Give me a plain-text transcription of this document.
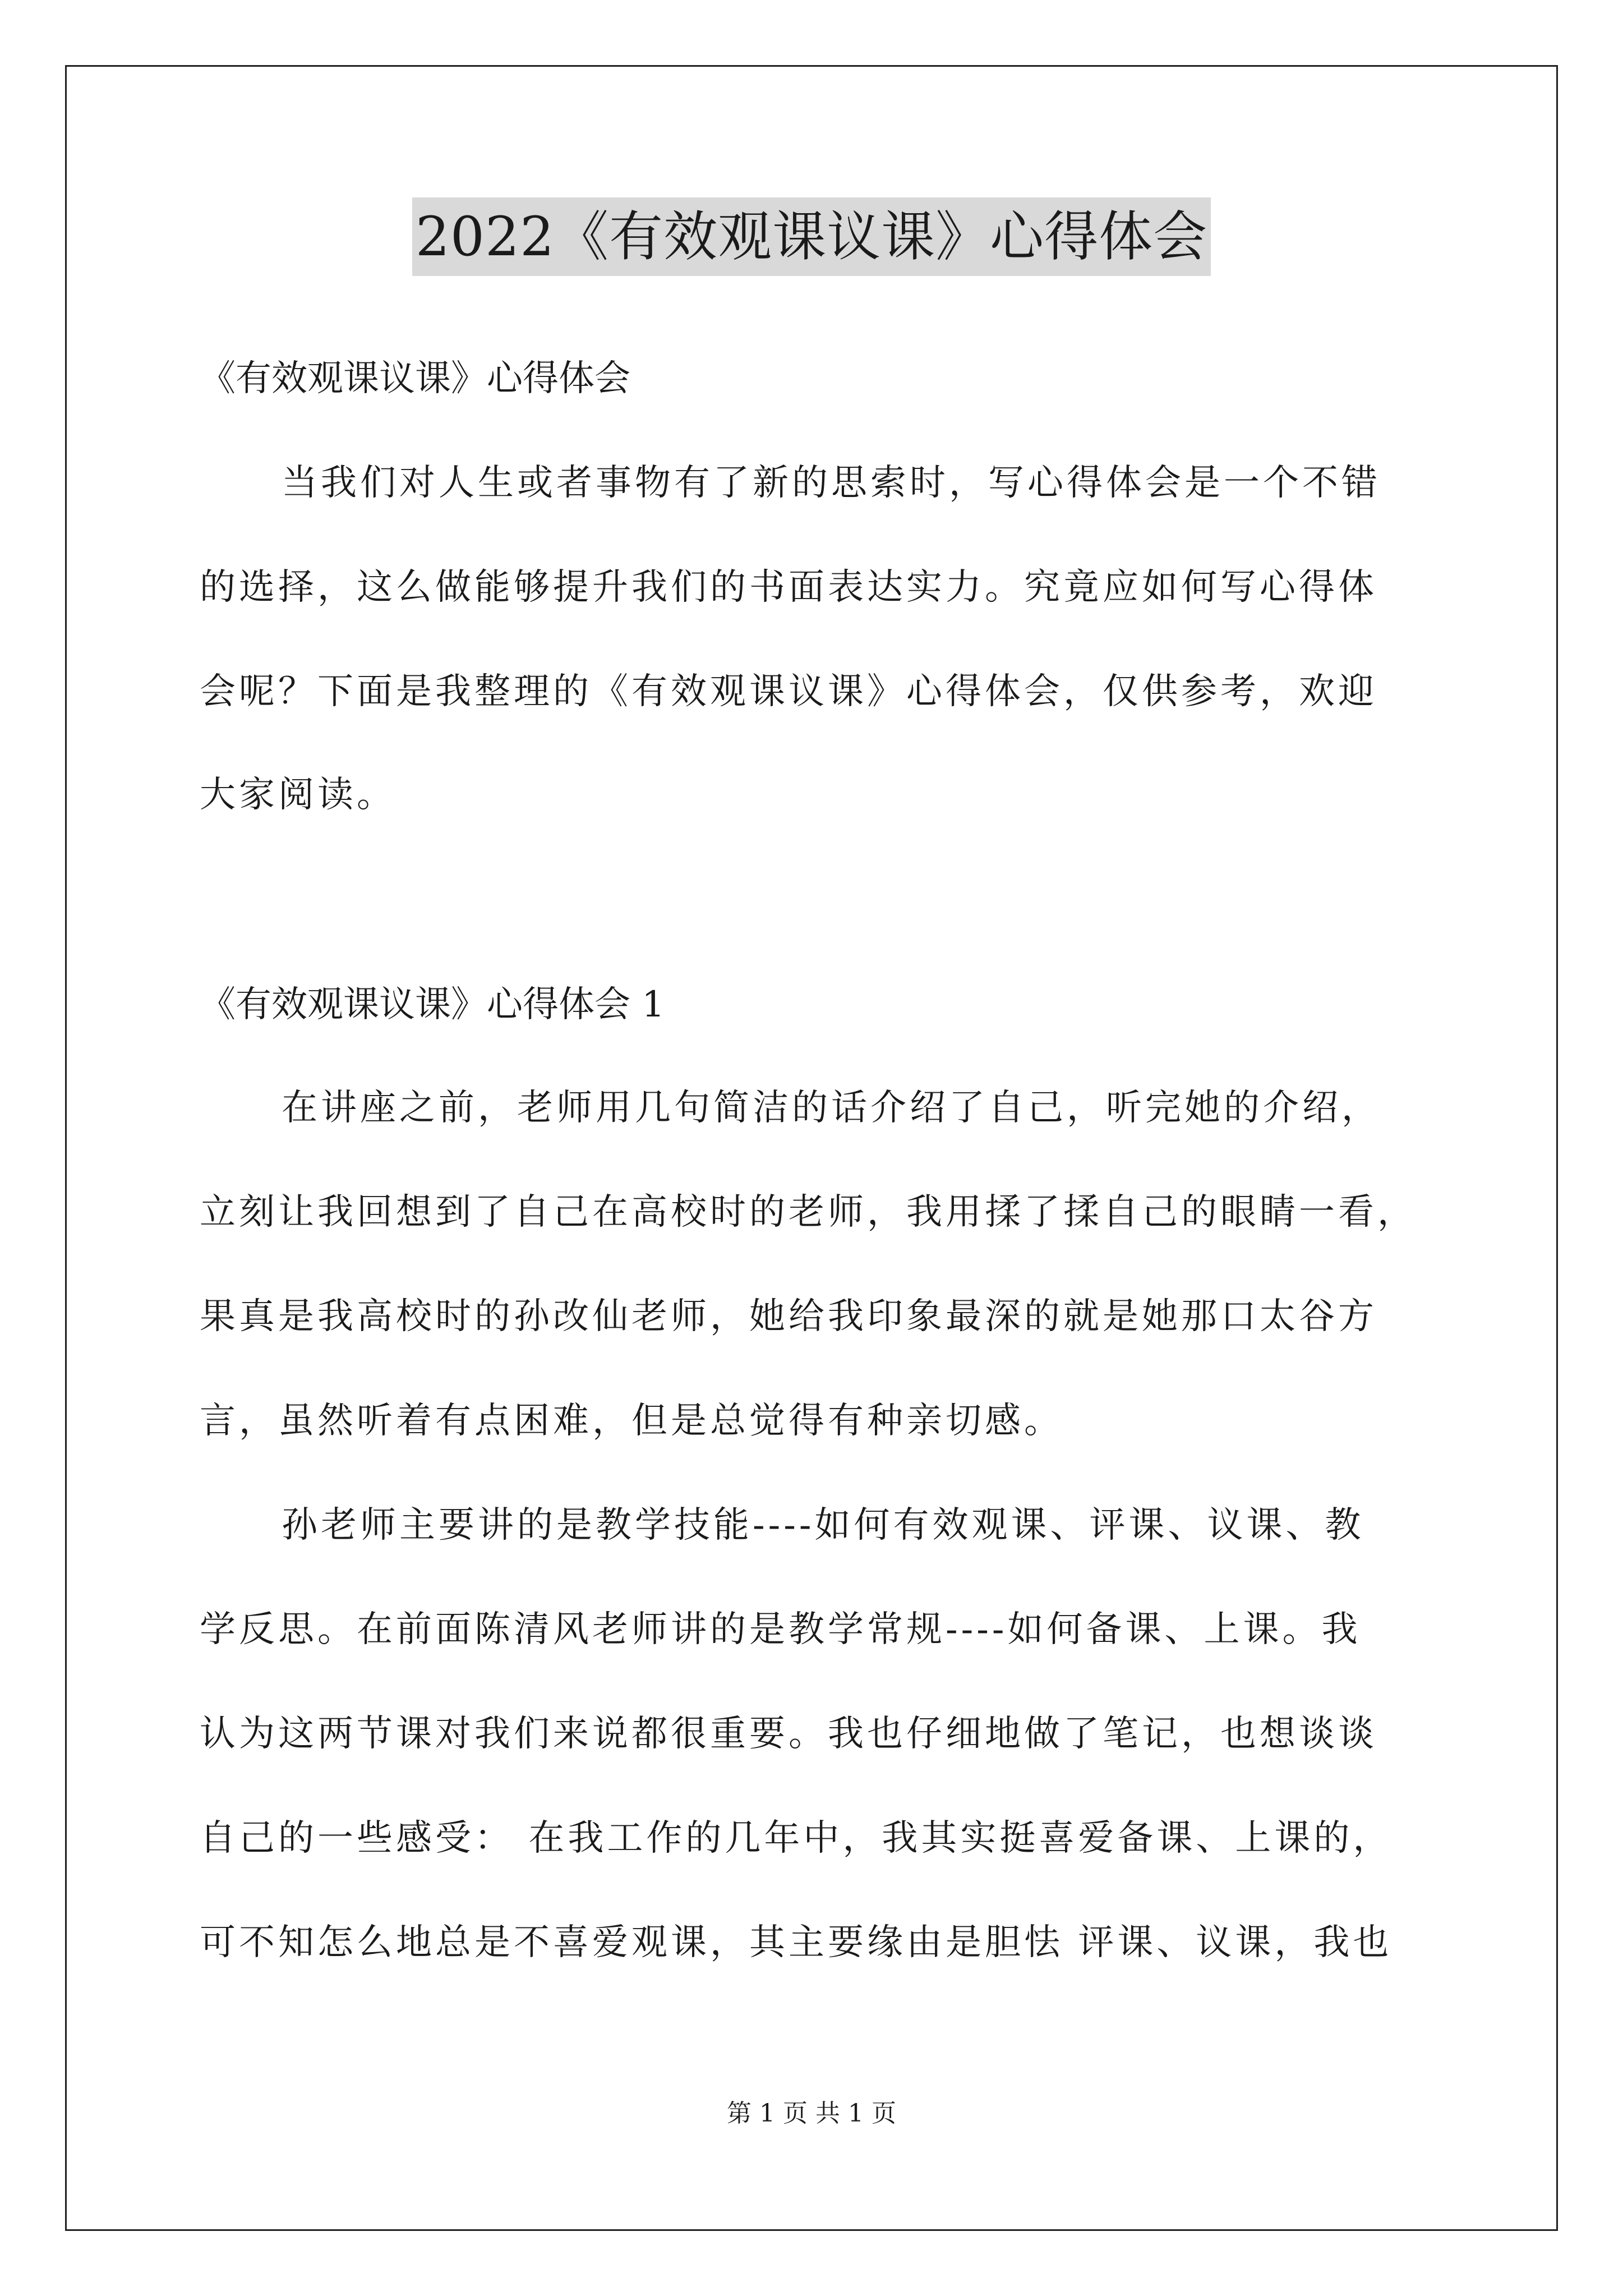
2022《有效观课议课》心得体会
《有效观课议课》心得体会
当我们对人生或者事物有了新的思索时，写心得体会是一个不错
的选择，这么做能够提升我们的书面表达实力。究竟应如何写心得体
会呢？下面是我整理的《有效观课议课》心得体会，仅供参考，欢迎
大家阅读。
《有效观课议课》心得体会 1
在讲座之前，老师用几句简洁的话介绍了自己，听完她的介绍，
立刻让我回想到了自己在高校时的老师，我用揉了揉自己的眼睛一看，
果真是我高校时的孙改仙老师，她给我印象最深的就是她那口太谷方
言，虽然听着有点困难，但是总觉得有种亲切感。
孙老师主要讲的是教学技能----如何有效观课、评课、议课、教
学反思。在前面陈清风老师讲的是教学常规----如何备课、上课。我
认为这两节课对我们来说都很重要。我也仔细地做了笔记，也想谈谈
自己的一些感受： 在我工作的几年中，我其实挺喜爱备课、上课的，
可不知怎么地总是不喜爱观课，其主要缘由是胆怯 评课、议课，我也
第 1 页 共 1 页
